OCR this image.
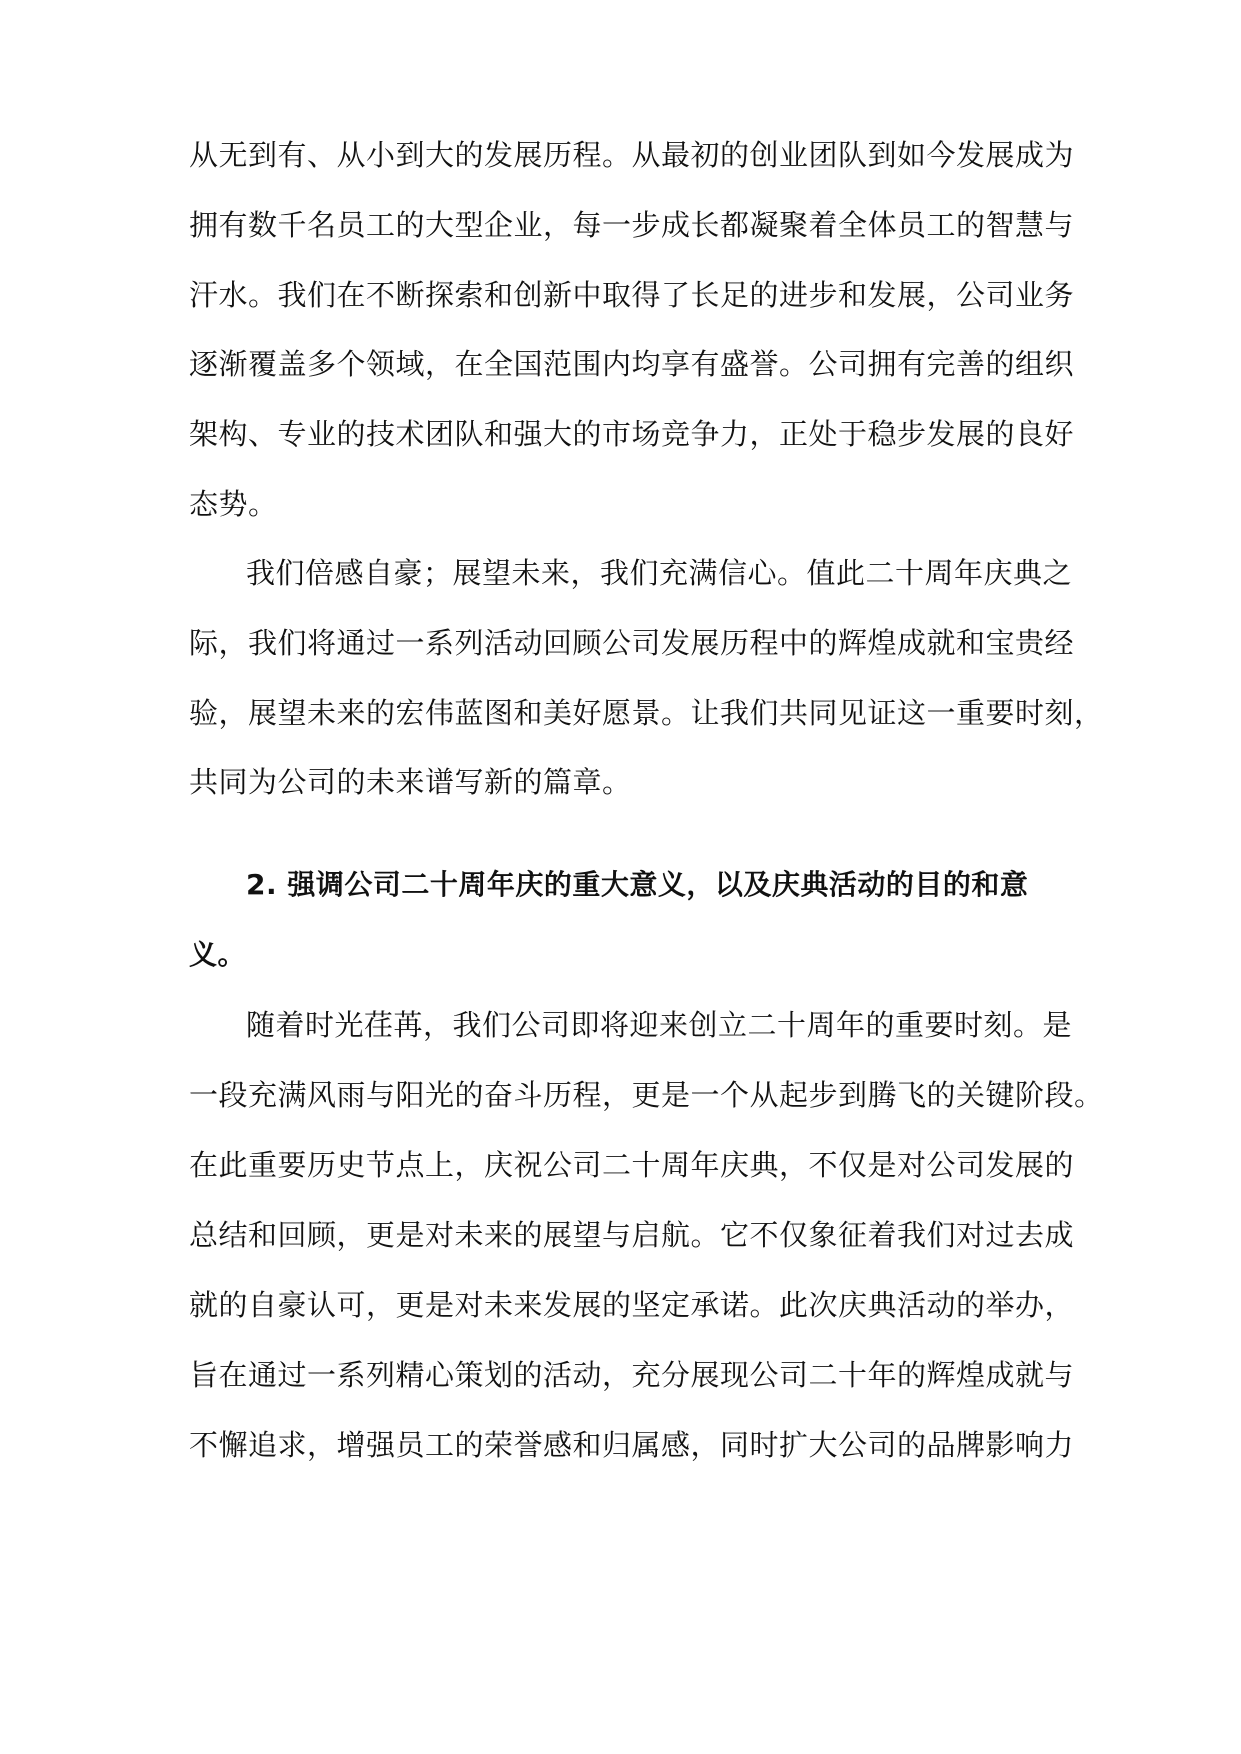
从无到有、从小到大的发展历程。从最初的创业团队到如今发展成为
拥有数千名员工的大型企业，每一步成长都凝聚着全体员工的智慧与
汗水。我们在不断探索和创新中取得了长足的进步和发展，公司业务
逐渐覆盖多个领域，在全国范围内均享有盛誉。公司拥有完善的组织
架构、专业的技术团队和强大的市场竞争力，正处于稳步发展的良好
态势。
我们倍感自豪；展望未来，我们充满信心。值此二十周年庆典之
际，我们将通过一系列活动回顾公司发展历程中的辉煌成就和宝贵经
验，展望未来的宏伟蓝图和美好愿景。让我们共同见证这一重要时刻，
共同为公司的未来谱写新的篇章。
2. 强调公司二十周年庆的重大意义，以及庆典活动的目的和意
义。
随着时光荏苒，我们公司即将迎来创立二十周年的重要时刻。是
一段充满风雨与阳光的奋斗历程，更是一个从起步到腾飞的关键阶段。
在此重要历史节点上，庆祝公司二十周年庆典，不仅是对公司发展的
总结和回顾，更是对未来的展望与启航。它不仅象征着我们对过去成
就的自豪认可，更是对未来发展的坚定承诺。此次庆典活动的举办，
旨在通过一系列精心策划的活动，充分展现公司二十年的辉煌成就与
不懈追求，增强员工的荣誉感和归属感，同时扩大公司的品牌影响力
